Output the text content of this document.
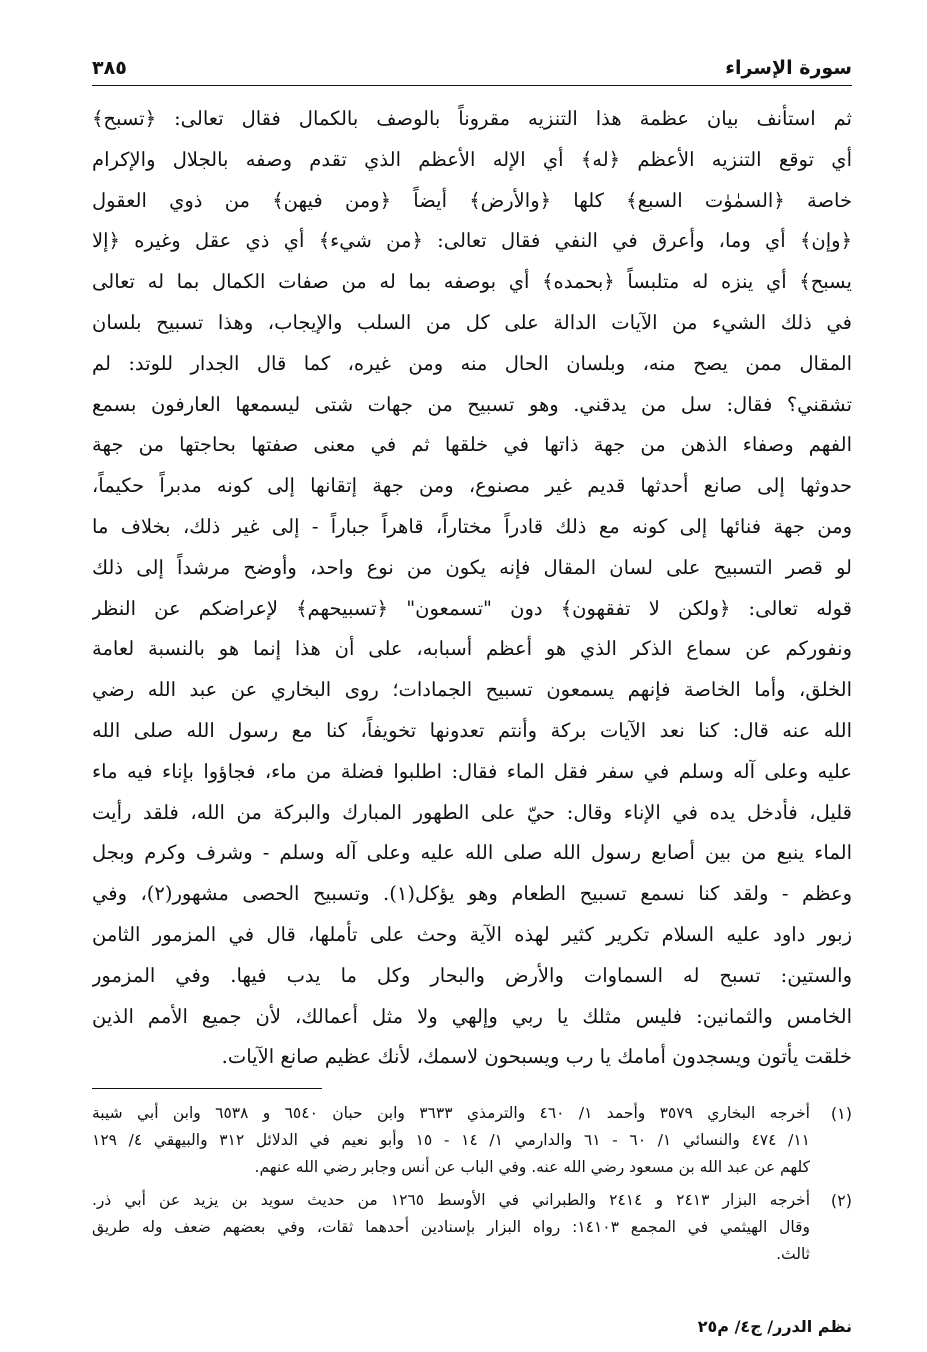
سورة الإسراء
٣٨٥
ثم استأنف بيان عظمة هذا التنزيه مقروناً بالوصف بالكمال فقال تعالى: ﴿تسبح﴾
أي توقع التنزيه الأعظم ﴿له﴾ أي الإله الأعظم الذي تقدم وصفه بالجلال والإكرام
خاصة ﴿السمٰوٰت السبع﴾ كلها ﴿والأرض﴾ أيضاً ﴿ومن فيهن﴾ من ذوي العقول
﴿وإن﴾ أي وما، وأعرق في النفي فقال تعالى: ﴿من شيء﴾ أي ذي عقل وغيره ﴿إلا
يسبح﴾ أي ينزه له متلبساً ﴿بحمده﴾ أي بوصفه بما له من صفات الكمال بما له تعالى
في ذلك الشيء من الآيات الدالة على كل من السلب والإيجاب، وهذا تسبيح بلسان
المقال ممن يصح منه، وبلسان الحال منه ومن غيره، كما قال الجدار للوتد: لم
تشقني؟ فقال: سل من يدقني. وهو تسبيح من جهات شتى ليسمعها العارفون بسمع
الفهم وصفاء الذهن من جهة ذاتها في خلقها ثم في معنى صفتها بحاجتها من جهة
حدوثها إلى صانع أحدثها قديم غير مصنوع، ومن جهة إتقانها إلى كونه مدبراً حكيماً،
ومن جهة فنائها إلى كونه مع ذلك قادراً مختاراً، قاهراً جباراً - إلى غير ذلك، بخلاف ما
لو قصر التسبيح على لسان المقال فإنه يكون من نوع واحد، وأوضح مرشداً إلى ذلك
قوله تعالى: ﴿ولكن لا تفقهون﴾ دون "تسمعون" ﴿تسبيحهم﴾ لإعراضكم عن النظر
ونفوركم عن سماع الذكر الذي هو أعظم أسبابه، على أن هذا إنما هو بالنسبة لعامة
الخلق، وأما الخاصة فإنهم يسمعون تسبيح الجمادات؛ روى البخاري عن عبد الله رضي
الله عنه قال: كنا نعد الآيات بركة وأنتم تعدونها تخويفاً، كنا مع رسول الله صلى الله
عليه وعلى آله وسلم في سفر فقل الماء فقال: اطلبوا فضلة من ماء، فجاؤوا بإناء فيه ماء
قليل، فأدخل يده في الإناء وقال: حيّ على الطهور المبارك والبركة من الله، فلقد رأيت
الماء ينبع من بين أصابع رسول الله صلى الله عليه وعلى آله وسلم - وشرف وكرم وبجل
وعظم - ولقد كنا نسمع تسبيح الطعام وهو يؤكل(١). وتسبيح الحصى مشهور(٢)، وفي
زبور داود عليه السلام تكرير كثير لهذه الآية وحث على تأملها، قال في المزمور الثامن
والستين: تسبح له السماوات والأرض والبحار وكل ما يدب فيها. وفي المزمور
الخامس والثمانين: فليس مثلك يا ربي وإلهي ولا مثل أعمالك، لأن جميع الأمم الذين
خلقت يأتون ويسجدون أمامك يا رب ويسبحون لاسمك، لأنك عظيم صانع الآيات.
(١)
أخرجه البخاري ٣٥٧٩ وأحمد ١/ ٤٦٠ والترمذي ٣٦٣٣ وابن حبان ٦٥٤٠ و ٦٥٣٨ وابن أبي شيبة
١١/ ٤٧٤ والنسائي ١/ ٦٠ - ٦١ والدارمي ١/ ١٤ - ١٥ وأبو نعيم في الدلائل ٣١٢ والبيهقي ٤/ ١٢٩
كلهم عن عبد الله بن مسعود رضي الله عنه. وفي الباب عن أنس وجابر رضي الله عنهم.
(٢)
أخرجه البزار ٢٤١٣ و ٢٤١٤ والطبراني في الأوسط ١٢٦٥ من حديث سويد بن يزيد عن أبي ذر.
وقال الهيثمي في المجمع ١٤١٠٣: رواه البزار بإسنادين أحدهما ثقات، وفي بعضهم ضعف وله طريق
ثالث.
نظم الدرر/ ج٤/ م٢٥
